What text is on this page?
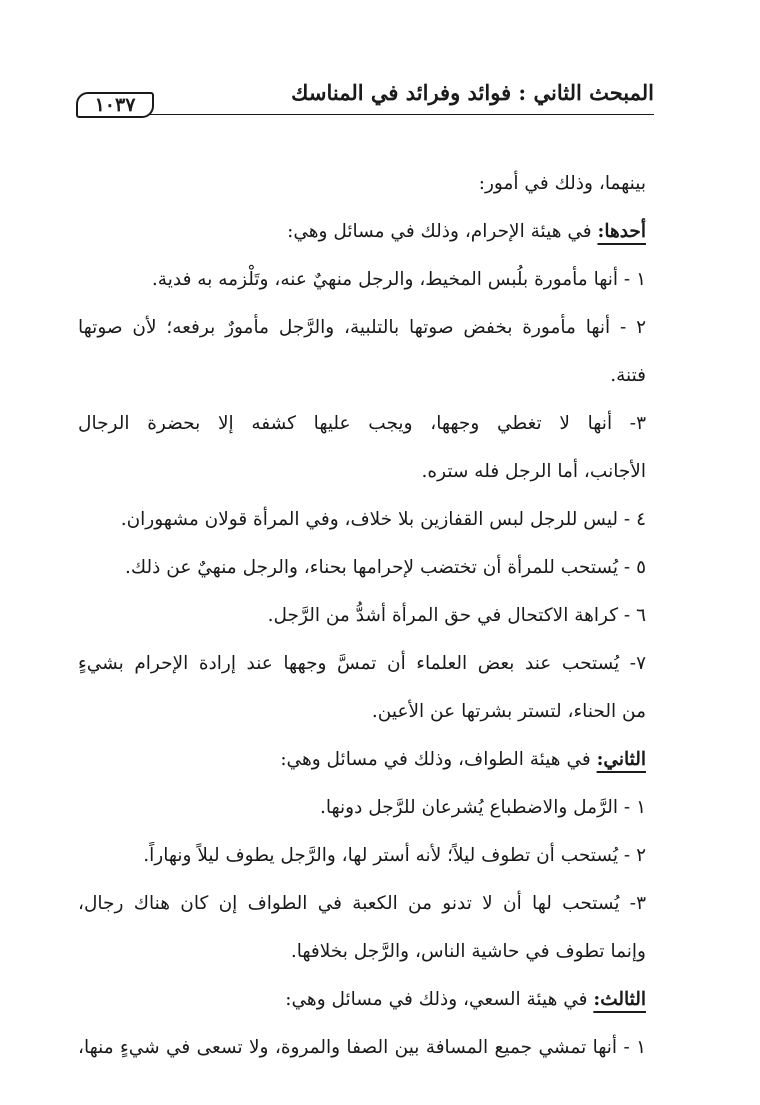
المبحث الثاني : فوائد وفرائد في المناسك
١٠٣٧
بينهما، وذلك في أمور:
أحدها: في هيئة الإحرام، وذلك في مسائل وهي:
١ - أنها مأمورة بلُبس المخيط، والرجل منهيٌ عنه، وتَلْزمه به فدية.
٢ - أنها مأمورة بخفض صوتها بالتلبية، والرَّجل مأمورٌ برفعه؛ لأن صوتها
فتنة.
٣- أنها لا تغطي وجهها، ويجب عليها كشفه إلا بحضرة الرجال
الأجانب، أما الرجل فله ستره.
٤ - ليس للرجل لبس القفازين بلا خلاف، وفي المرأة قولان مشهوران.
٥ - يُستحب للمرأة أن تختضب لإحرامها بحناء، والرجل منهيٌ عن ذلك.
٦ - كراهة الاكتحال في حق المرأة أشدُّ من الرَّجل.
٧- يُستحب عند بعض العلماء أن تمسَّ وجهها عند إرادة الإحرام بشيءٍ
من الحناء، لتستر بشرتها عن الأعين.
الثاني: في هيئة الطواف، وذلك في مسائل وهي:
١ - الرَّمل والاضطباع يُشرعان للرَّجل دونها.
٢ - يُستحب أن تطوف ليلاً؛ لأنه أستر لها، والرَّجل يطوف ليلاً ونهاراً.
٣- يُستحب لها أن لا تدنو من الكعبة في الطواف إن كان هناك رجال،
وإنما تطوف في حاشية الناس، والرَّجل بخلافها.
الثالث: في هيئة السعي، وذلك في مسائل وهي:
١ - أنها تمشي جميع المسافة بين الصفا والمروة، ولا تسعى في شيءٍ منها،
